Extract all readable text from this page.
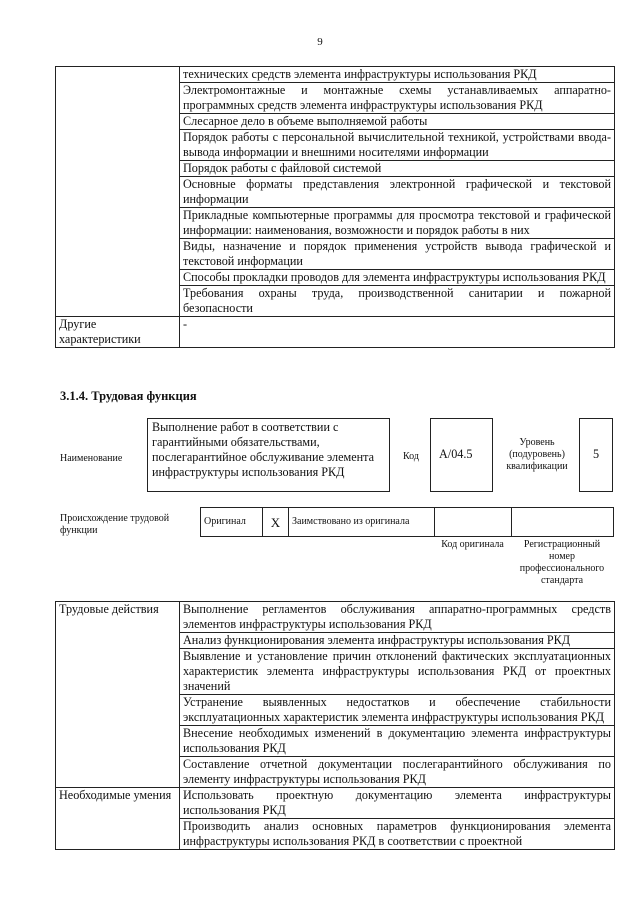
9
	технических средств элемента инфраструктуры использования РКД
	Электромонтажные и монтажные схемы устанавливаемых аппаратно-программных средств элемента инфраструктуры использования РКД
	Слесарное дело в объеме выполняемой работы
	Порядок работы с персональной вычислительной техникой, устройствами ввода-вывода информации и внешними носителями информации
	Порядок работы с файловой системой
	Основные форматы представления электронной графической и текстовой информации
	Прикладные компьютерные программы для просмотра текстовой и графической информации: наименования, возможности и порядок работы в них
	Виды, назначение и порядок применения устройств вывода графической и текстовой информации
	Способы прокладки проводов для элемента инфраструктуры использования РКД
	Требования охраны труда, производственной санитарии и пожарной безопасности
Другие характеристики	-
3.1.4. Трудовая функция
Наименование
Выполнение работ в соответствии с гарантийными обязательствами, послегарантийное обслуживание элемента инфраструктуры использования РКД
Код	A/04.5
Уровень (подуровень) квалификации
5
Происхождение трудовой функции
Оригинал	X	Заимствовано из оригинала		
Код оригинала	Регистрационный номер профессионального стандарта
Трудовые действия	Выполнение регламентов обслуживания аппаратно-программных средств элементов инфраструктуры использования РКД
	Анализ функционирования элемента инфраструктуры использования РКД
	Выявление и установление причин отклонений фактических эксплуатационных характеристик элемента инфраструктуры использования РКД от проектных значений
	Устранение выявленных недостатков и обеспечение стабильности эксплуатационных характеристик элемента инфраструктуры использования РКД
	Внесение необходимых изменений в документацию элемента инфраструктуры использования РКД
	Составление отчетной документации послегарантийного обслуживания по элементу инфраструктуры использования РКД
Необходимые умения	Использовать проектную документацию элемента инфраструктуры использования РКД
	Производить анализ основных параметров функционирования элемента инфраструктуры использования РКД в соответствии с проектной
